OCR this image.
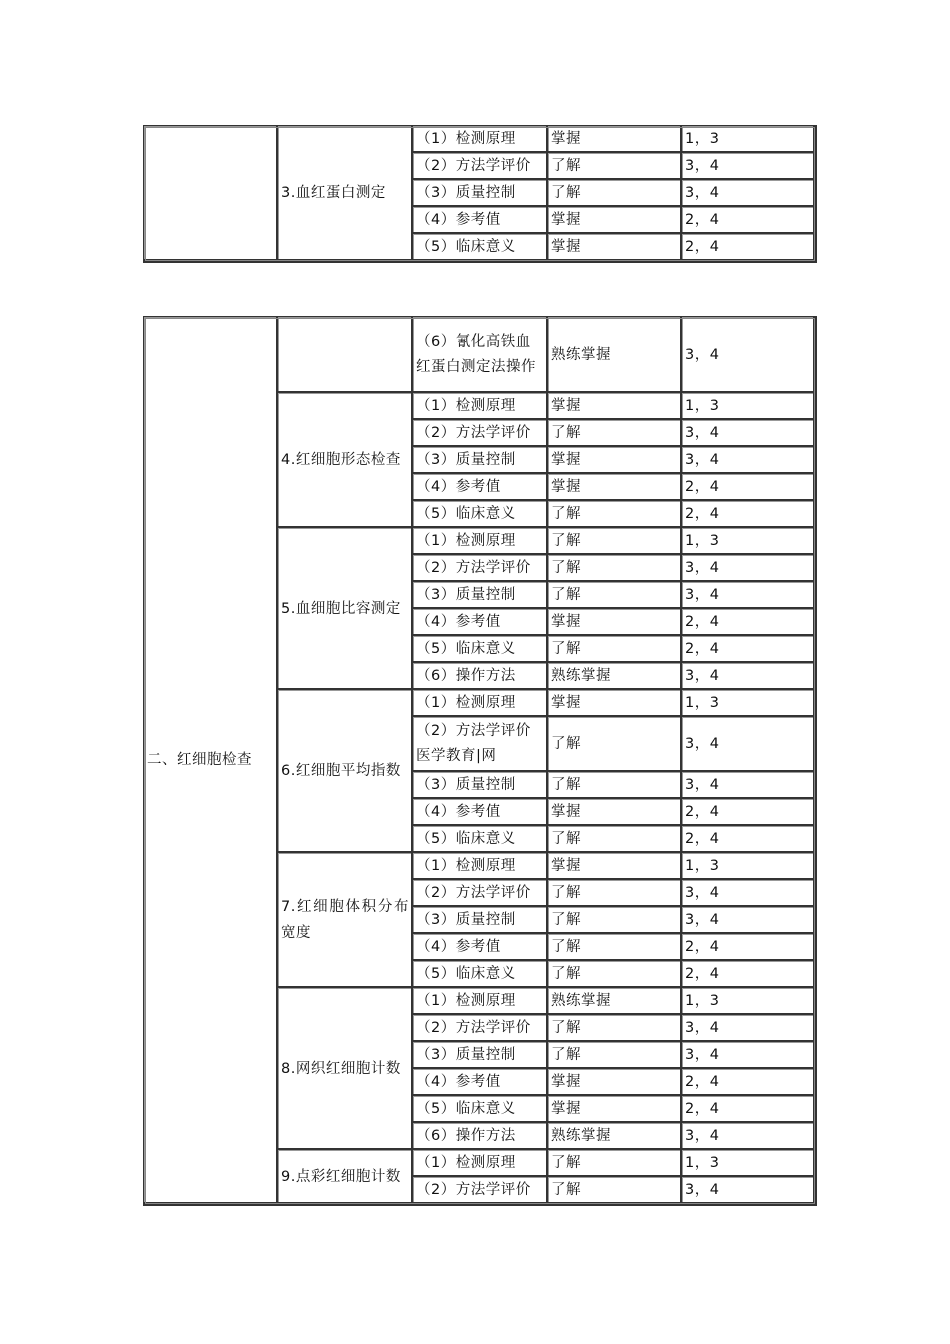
	3.血红蛋白测定	（1）检测原理	掌握	1，3
		（2）方法学评价	了解	3，4
		（3）质量控制	了解	3，4
		（4）参考值	掌握	2，4
		（5）临床意义	掌握	2，4
二、红细胞检查		（6）氰化高铁血红蛋白测定法操作	熟练掌握	3，4

	4.红细胞形态检查	（1）检测原理	掌握	1，3
		（2）方法学评价	了解	3，4
		（3）质量控制	掌握	3，4
		（4）参考值	掌握	2，4
		（5）临床意义	了解	2，4

	5.血细胞比容测定	（1）检测原理	了解	1，3
		（2）方法学评价	了解	3，4
		（3）质量控制	了解	3，4
		（4）参考值	掌握	2，4
		（5）临床意义	了解	2，4
		（6）操作方法	熟练掌握	3，4

	6.红细胞平均指数	（1）检测原理	掌握	1，3

		（2）方法学评价医学教育|网	了解	3，4
		（3）质量控制	了解	3，4
		（4）参考值	掌握	2，4
		（5）临床意义	了解	2，4

	7.红细胞体积分布宽度	（1）检测原理	掌握	1，3
		（2）方法学评价	了解	3，4
		（3）质量控制	了解	3，4
		（4）参考值	了解	2，4
		（5）临床意义	了解	2，4

	8.网织红细胞计数	（1）检测原理	熟练掌握	1，3
		（2）方法学评价	了解	3，4
		（3）质量控制	了解	3，4
		（4）参考值	掌握	2，4
		（5）临床意义	掌握	2，4
		（6）操作方法	熟练掌握	3，4

	9.点彩红细胞计数	（1）检测原理	了解	1，3
		（2）方法学评价	了解	3，4
